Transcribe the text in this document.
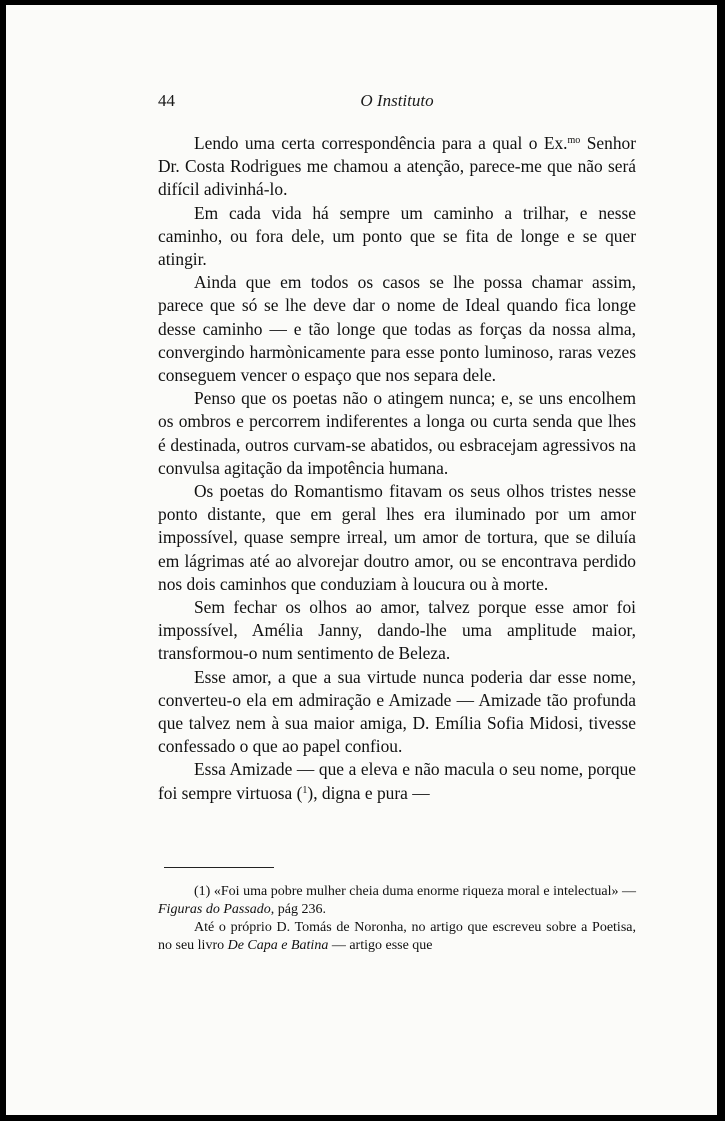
44	O Instituto

Lendo uma certa correspondência para a qual o Ex.$^{mo}$ Senhor Dr. Costa Rodrigues me chamou a atenção, parece-me que não será difícil adivinhá-lo.

Em cada vida há sempre um caminho a trilhar, e nesse caminho, ou fora dele, um ponto que se fita de longe e se quer atingir.

Ainda que em todos os casos se lhe possa chamar assim, parece que só se lhe deve dar o nome de Ideal quando fica longe desse caminho — e tão longe que todas as forças da nossa alma, convergindo harmònicamente para esse ponto luminoso, raras vezes conseguem vencer o espaço que nos separa dele.

Penso que os poetas não o atingem nunca; e, se uns encolhem os ombros e percorrem indiferentes a longa ou curta senda que lhes é destinada, outros curvam-se abatidos, ou esbracejam agressivos na convulsa agitação da impotência humana.

Os poetas do Romantismo fitavam os seus olhos tristes nesse ponto distante, que em geral lhes era iluminado por um amor impossível, quase sempre irreal, um amor de tortura, que se diluía em lágrimas até ao alvorejar doutro amor, ou se encontrava perdido nos dois caminhos que conduziam à loucura ou à morte.

Sem fechar os olhos ao amor, talvez porque esse amor foi impossível, Amélia Janny, dando-lhe uma amplitude maior, transformou-o num sentimento de Beleza.

Esse amor, a que a sua virtude nunca poderia dar esse nome, converteu-o ela em admiração e Amizade — Amizade tão profunda que talvez nem à sua maior amiga, D. Emília Sofia Midosi, tivesse confessado o que ao papel confiou.

Essa Amizade — que a eleva e não macula o seu nome, porque foi sempre virtuosa ($^1$), digna e pura —

(1) «Foi uma pobre mulher cheia duma enorme riqueza moral e intelectual» — Figuras do Passado, pág 236.

Até o próprio D. Tomás de Noronha, no artigo que escreveu sobre a Poetisa, no seu livro De Capa e Batina — artigo esse que
